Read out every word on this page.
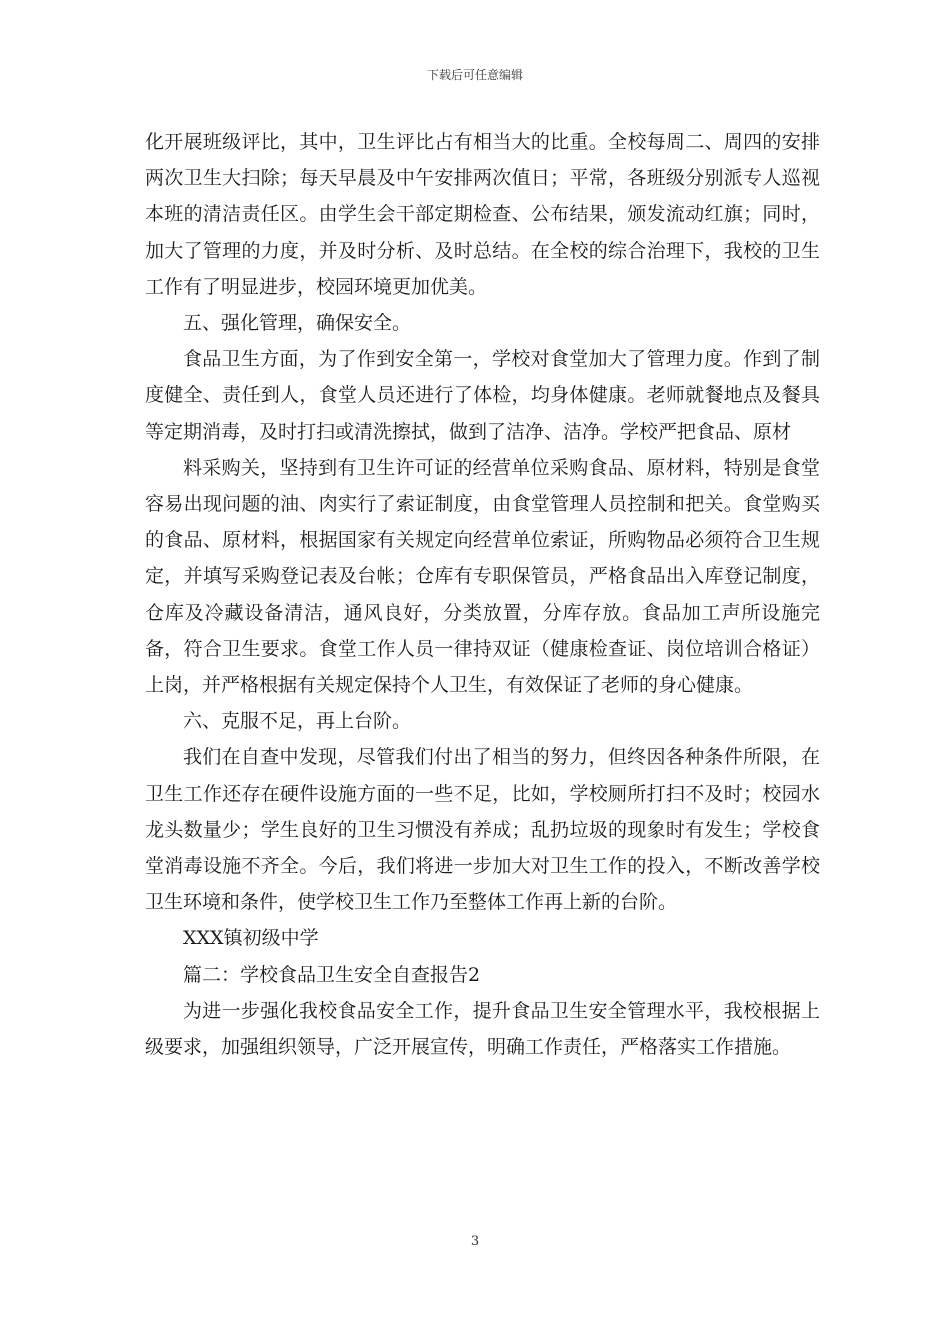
下载后可任意编辑

化开展班级评比，其中，卫生评比占有相当大的比重。全校每周二、周四的安排两次卫生大扫除；每天早晨及中午安排两次值日；平常，各班级分别派专人巡视本班的清洁责任区。由学生会干部定期检查、公布结果，颁发流动红旗；同时，加大了管理的力度，并及时分析、及时总结。在全校的综合治理下，我校的卫生工作有了明显进步，校园环境更加优美。

五、强化管理，确保安全。

食品卫生方面，为了作到安全第一，学校对食堂加大了管理力度。作到了制度健全、责任到人，食堂人员还进行了体检，均身体健康。老师就餐地点及餐具等定期消毒，及时打扫或清洗擦拭，做到了洁净、洁净。学校严把食品、原材

料采购关，坚持到有卫生许可证的经营单位采购食品、原材料，特别是食堂容易出现问题的油、肉实行了索证制度，由食堂管理人员控制和把关。食堂购买的食品、原材料，根据国家有关规定向经营单位索证，所购物品必须符合卫生规定，并填写采购登记表及台帐；仓库有专职保管员，严格食品出入库登记制度，仓库及冷藏设备清洁，通风良好，分类放置，分库存放。食品加工声所设施完备，符合卫生要求。食堂工作人员一律持双证（健康检查证、岗位培训合格证）上岗，并严格根据有关规定保持个人卫生，有效保证了老师的身心健康。

六、克服不足，再上台阶。

我们在自查中发现，尽管我们付出了相当的努力，但终因各种条件所限，在卫生工作还存在硬件设施方面的一些不足，比如，学校厕所打扫不及时；校园水龙头数量少；学生良好的卫生习惯没有养成；乱扔垃圾的现象时有发生；学校食堂消毒设施不齐全。今后，我们将进一步加大对卫生工作的投入，不断改善学校卫生环境和条件，使学校卫生工作乃至整体工作再上新的台阶。

XXX镇初级中学

篇二：学校食品卫生安全自查报告2

为进一步强化我校食品安全工作，提升食品卫生安全管理水平，我校根据上级要求，加强组织领导，广泛开展宣传，明确工作责任，严格落实工作措施。

3
